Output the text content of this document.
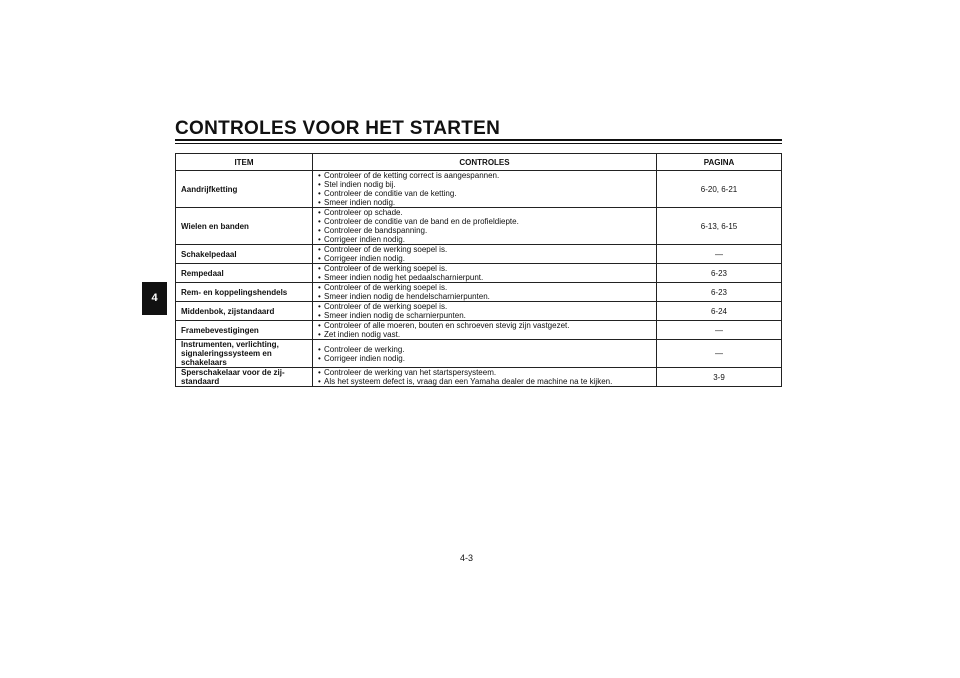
CONTROLES VOOR HET STARTEN
4
ITEM	CONTROLES	PAGINA
Aandrijfketting	• Controleer of de ketting correct is aangespannen.
• Stel indien nodig bij.
• Controleer de conditie van de ketting.
• Smeer indien nodig.	6-20, 6-21
Wielen en banden	• Controleer op schade.
• Controleer de conditie van de band en de profieldiepte.
• Controleer de bandspanning.
• Corrigeer indien nodig.	6-13, 6-15
Schakelpedaal	• Controleer of de werking soepel is.
• Corrigeer indien nodig.	—
Rempedaal	• Controleer of de werking soepel is.
• Smeer indien nodig het pedaalscharnierpunt.	6-23
Rem- en koppelingshendels	• Controleer of de werking soepel is.
• Smeer indien nodig de hendelscharnierpunten.	6-23
Middenbok, zijstandaard	• Controleer of de werking soepel is.
• Smeer indien nodig de scharnierpunten.	6-24
Framebevestigingen	• Controleer of alle moeren, bouten en schroeven stevig zijn vastgezet.
• Zet indien nodig vast.	—
Instrumenten, verlichting, signaleringssysteem en schakelaars	• Controleer de werking.
• Corrigeer indien nodig.	—
Sperschakelaar voor de zij-standaard	• Controleer de werking van het startspersysteem.
• Als het systeem defect is, vraag dan een Yamaha dealer de machine na te kijken.	3-9
4-3
